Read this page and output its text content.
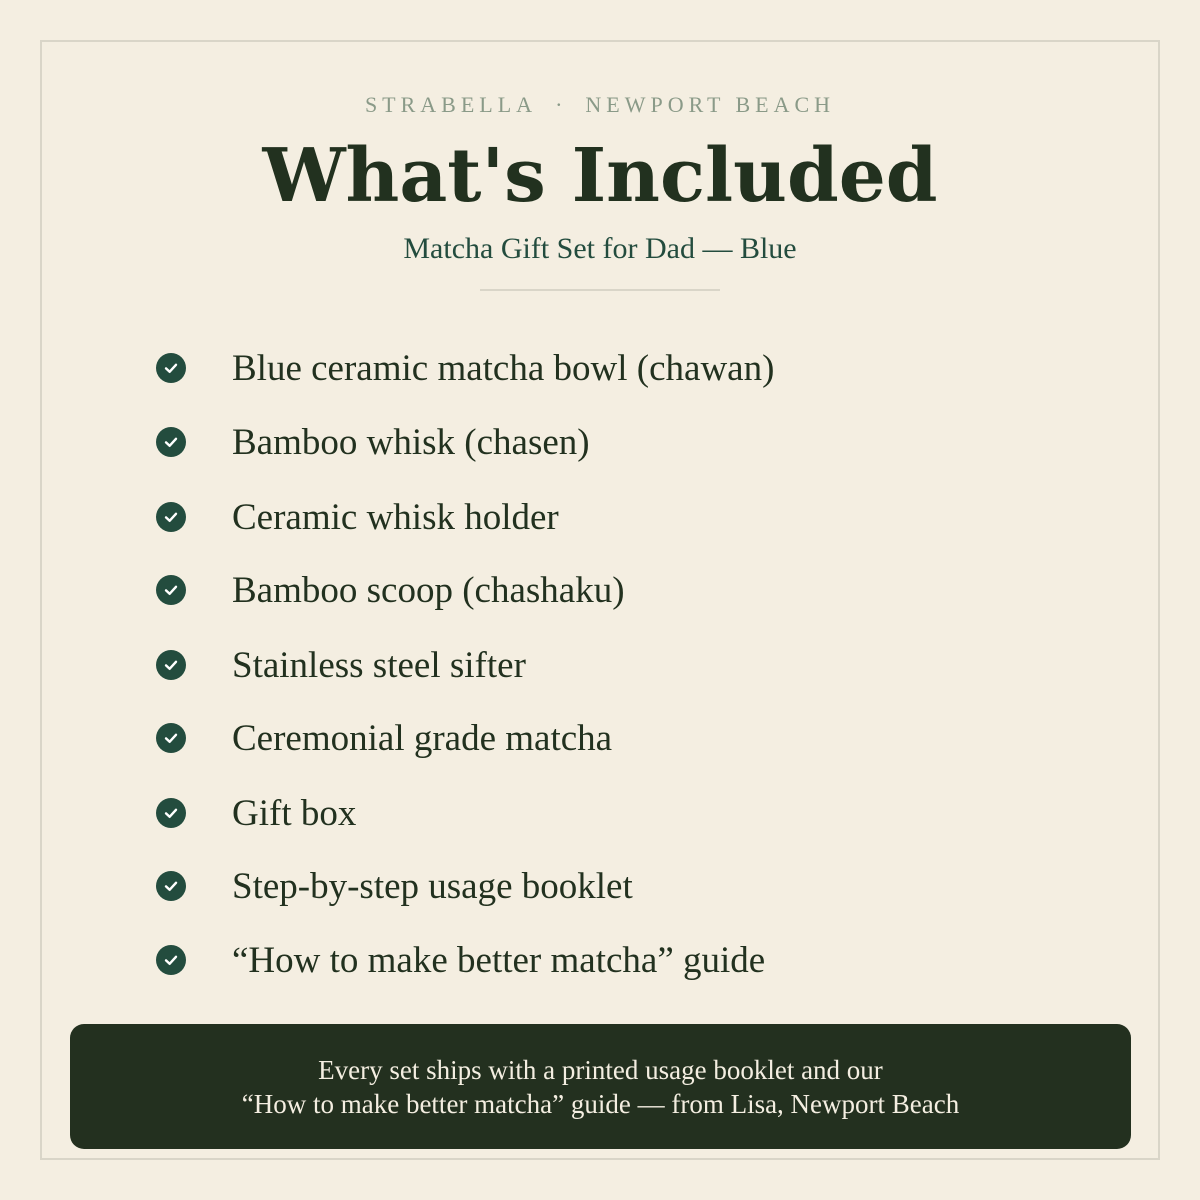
STRABELLA · NEWPORT BEACH
What's Included
Matcha Gift Set for Dad — Blue
Blue ceramic matcha bowl (chawan)
Bamboo whisk (chasen)
Ceramic whisk holder
Bamboo scoop (chashaku)
Stainless steel sifter
Ceremonial grade matcha
Gift box
Step-by-step usage booklet
“How to make better matcha” guide
Every set ships with a printed usage booklet and our
“How to make better matcha” guide — from Lisa, Newport Beach
